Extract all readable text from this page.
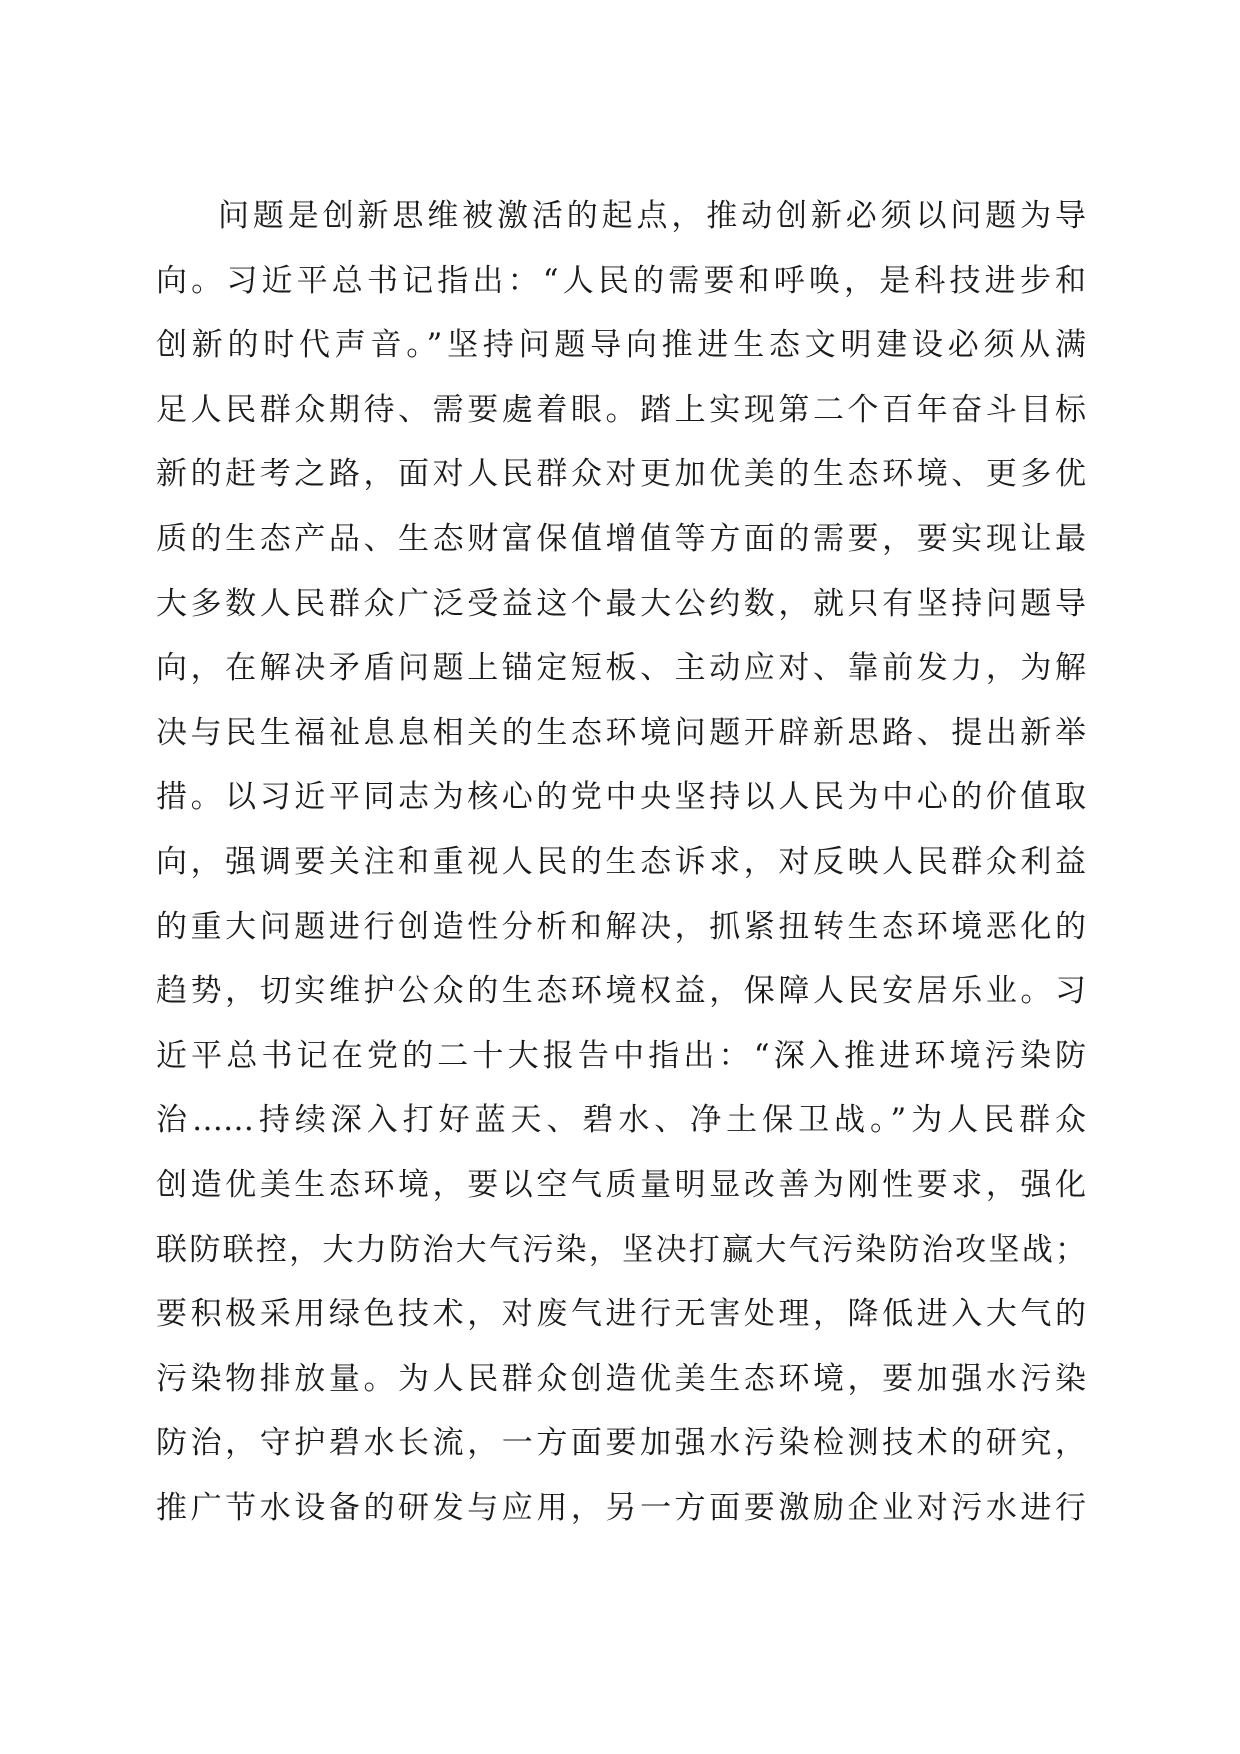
问题是创新思维被激活的起点，推动创新必须以问题为导
向。习近平总书记指出：“人民的需要和呼唤，是科技进步和
创新的时代声音。”坚持问题导向推进生态文明建设必须从满
足人民群众期待、需要處着眼。踏上实现第二个百年奋斗目标
新的赶考之路，面对人民群众对更加优美的生态环境、更多优
质的生态产品、生态财富保值增值等方面的需要，要实现让最
大多数人民群众广泛受益这个最大公约数，就只有坚持问题导
向，在解决矛盾问题上锚定短板、主动应对、靠前发力，为解
决与民生福祉息息相关的生态环境问题开辟新思路、提出新举
措。以习近平同志为核心的党中央坚持以人民为中心的价值取
向，强调要关注和重视人民的生态诉求，对反映人民群众利益
的重大问题进行创造性分析和解决，抓紧扭转生态环境恶化的
趋势，切实维护公众的生态环境权益，保障人民安居乐业。习
近平总书记在党的二十大报告中指出：“深入推进环境污染防
治……持续深入打好蓝天、碧水、净土保卫战。”为人民群众
创造优美生态环境，要以空气质量明显改善为刚性要求，强化
联防联控，大力防治大气污染，坚决打赢大气污染防治攻坚战；
要积极采用绿色技术，对废气进行无害处理，降低进入大气的
污染物排放量。为人民群众创造优美生态环境，要加强水污染
防治，守护碧水长流，一方面要加强水污染检测技术的研究，
推广节水设备的研发与应用，另一方面要激励企业对污水进行
